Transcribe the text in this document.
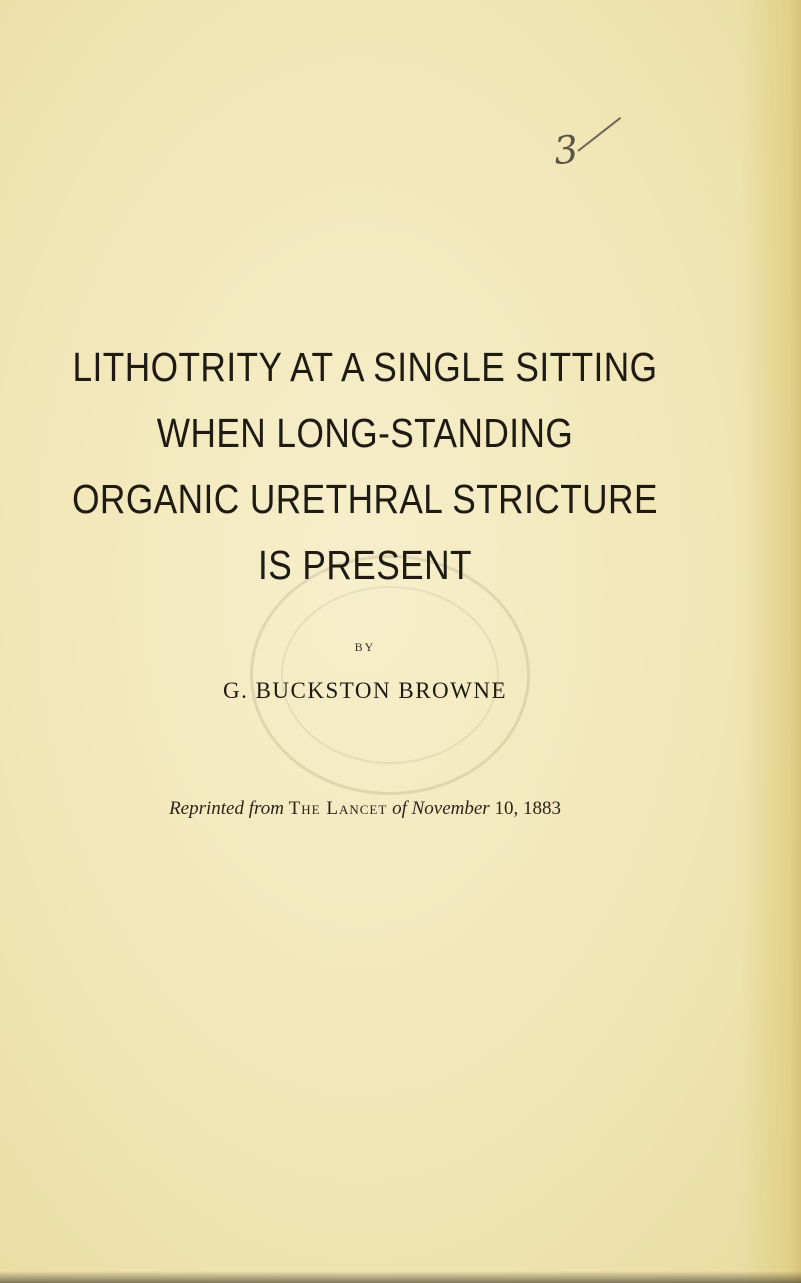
3
LITHOTRITY AT A SINGLE SITTING
WHEN LONG-STANDING
ORGANIC URETHRAL STRICTURE
IS PRESENT
BY
G. BUCKSTON BROWNE
Reprinted from The Lancet of November 10, 1883
